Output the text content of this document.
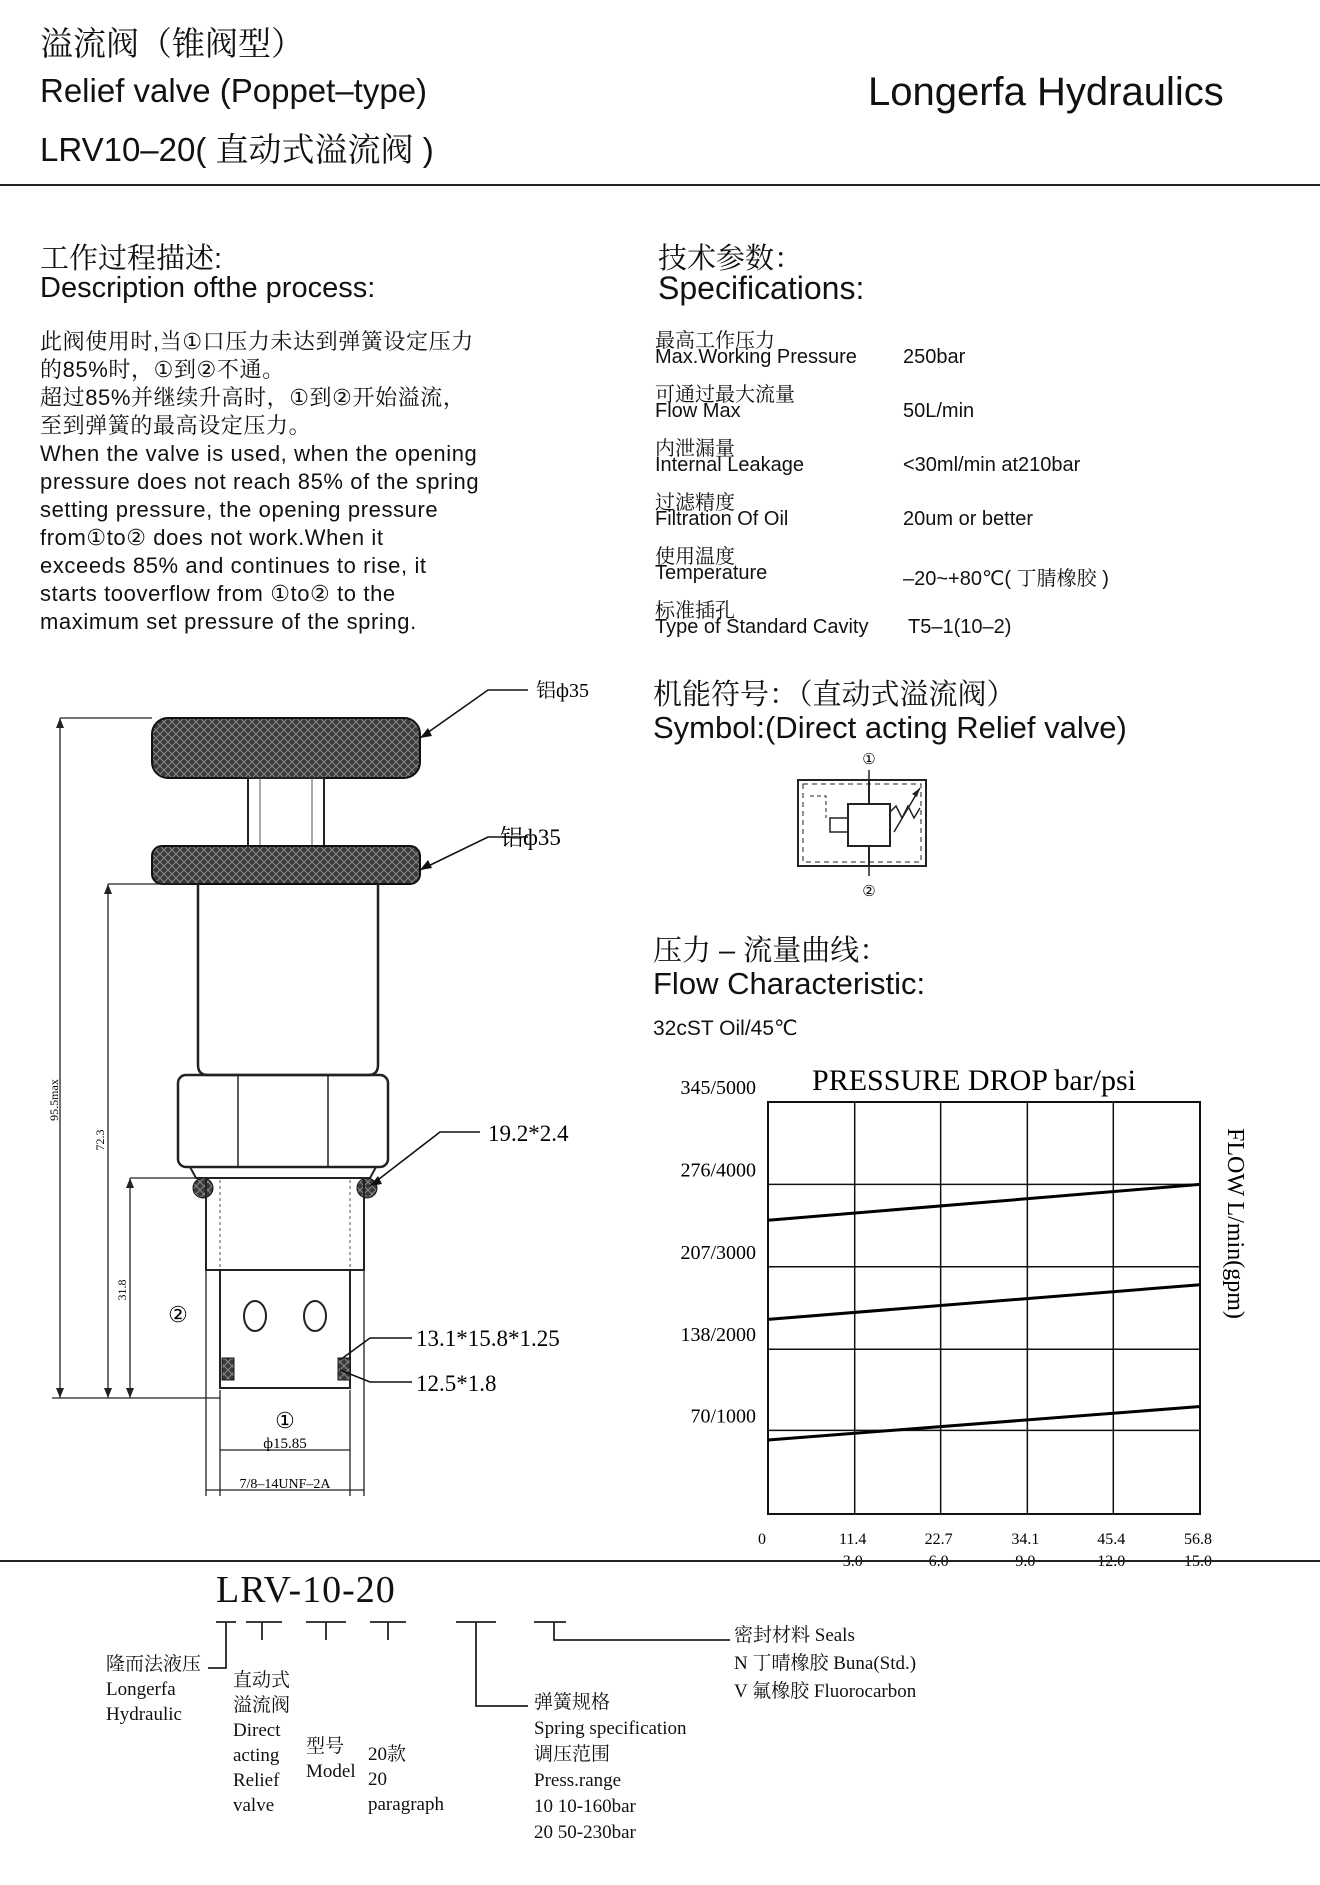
溢流阀（锥阀型）
Relief valve (Poppet–type)
LRV10–20( 直动式溢流阀 )
Longerfa Hydraulics
工作过程描述:
Description ofthe process:
此阀使用时,当①口压力未达到弹簧设定压力
的85%时，①到②不通。
超过85%并继续升高时，①到②开始溢流，
至到弹簧的最高设定压力。
When the valve is used, when the opening
pressure does not reach 85% of the spring
setting pressure, the opening pressure
from①to② does not work.When it
exceeds 85% and continues to rise, it
starts tooverflow from ①to② to the
maximum set pressure of the spring.
技术参数：
Specifications:
最高工作压力
Max.Working Pressure 250bar
可通过最大流量
Flow Max	50L/min
内泄漏量
Internal Leakage	<30ml/min at210bar
过滤精度
Filtration Of Oil	20um or better
使用温度
Temperature	–20~+80℃( 丁腈橡胶 )
标准插孔
Type of Standard Cavity T5–1(10–2)
机能符号：（直动式溢流阀）
Symbol:(Direct acting Relief valve)
①
②
压力 – 流量曲线：
Flow Characteristic:
32cST Oil/45℃
PRESSURE DROP bar/psi
345/5000
276/4000
207/3000
138/2000
70/1000
0	11.4	22.7	34.1	45.4	56.8
FLOW L/min(gpm)
95.5max
72.3
31.8
②
①
ф15.85
7/8–14UNF–2A
铝ф35
铝ф35
19.2*2.4
13.1*15.8*1.25
12.5*1.8
LRV-10-20
隆而法液压
Longerfa
Hydraulic
直动式
溢流阀
Direct
acting
Relief
valve
型号
Model
20款
20
paragraph
弹簧规格
Spring specification
调压范围
Press.range
10 10-160bar
20 50-230bar
密封材料 Seals
N 丁晴橡胶 Buna(Std.)
V 氟橡胶 Fluorocarbon
